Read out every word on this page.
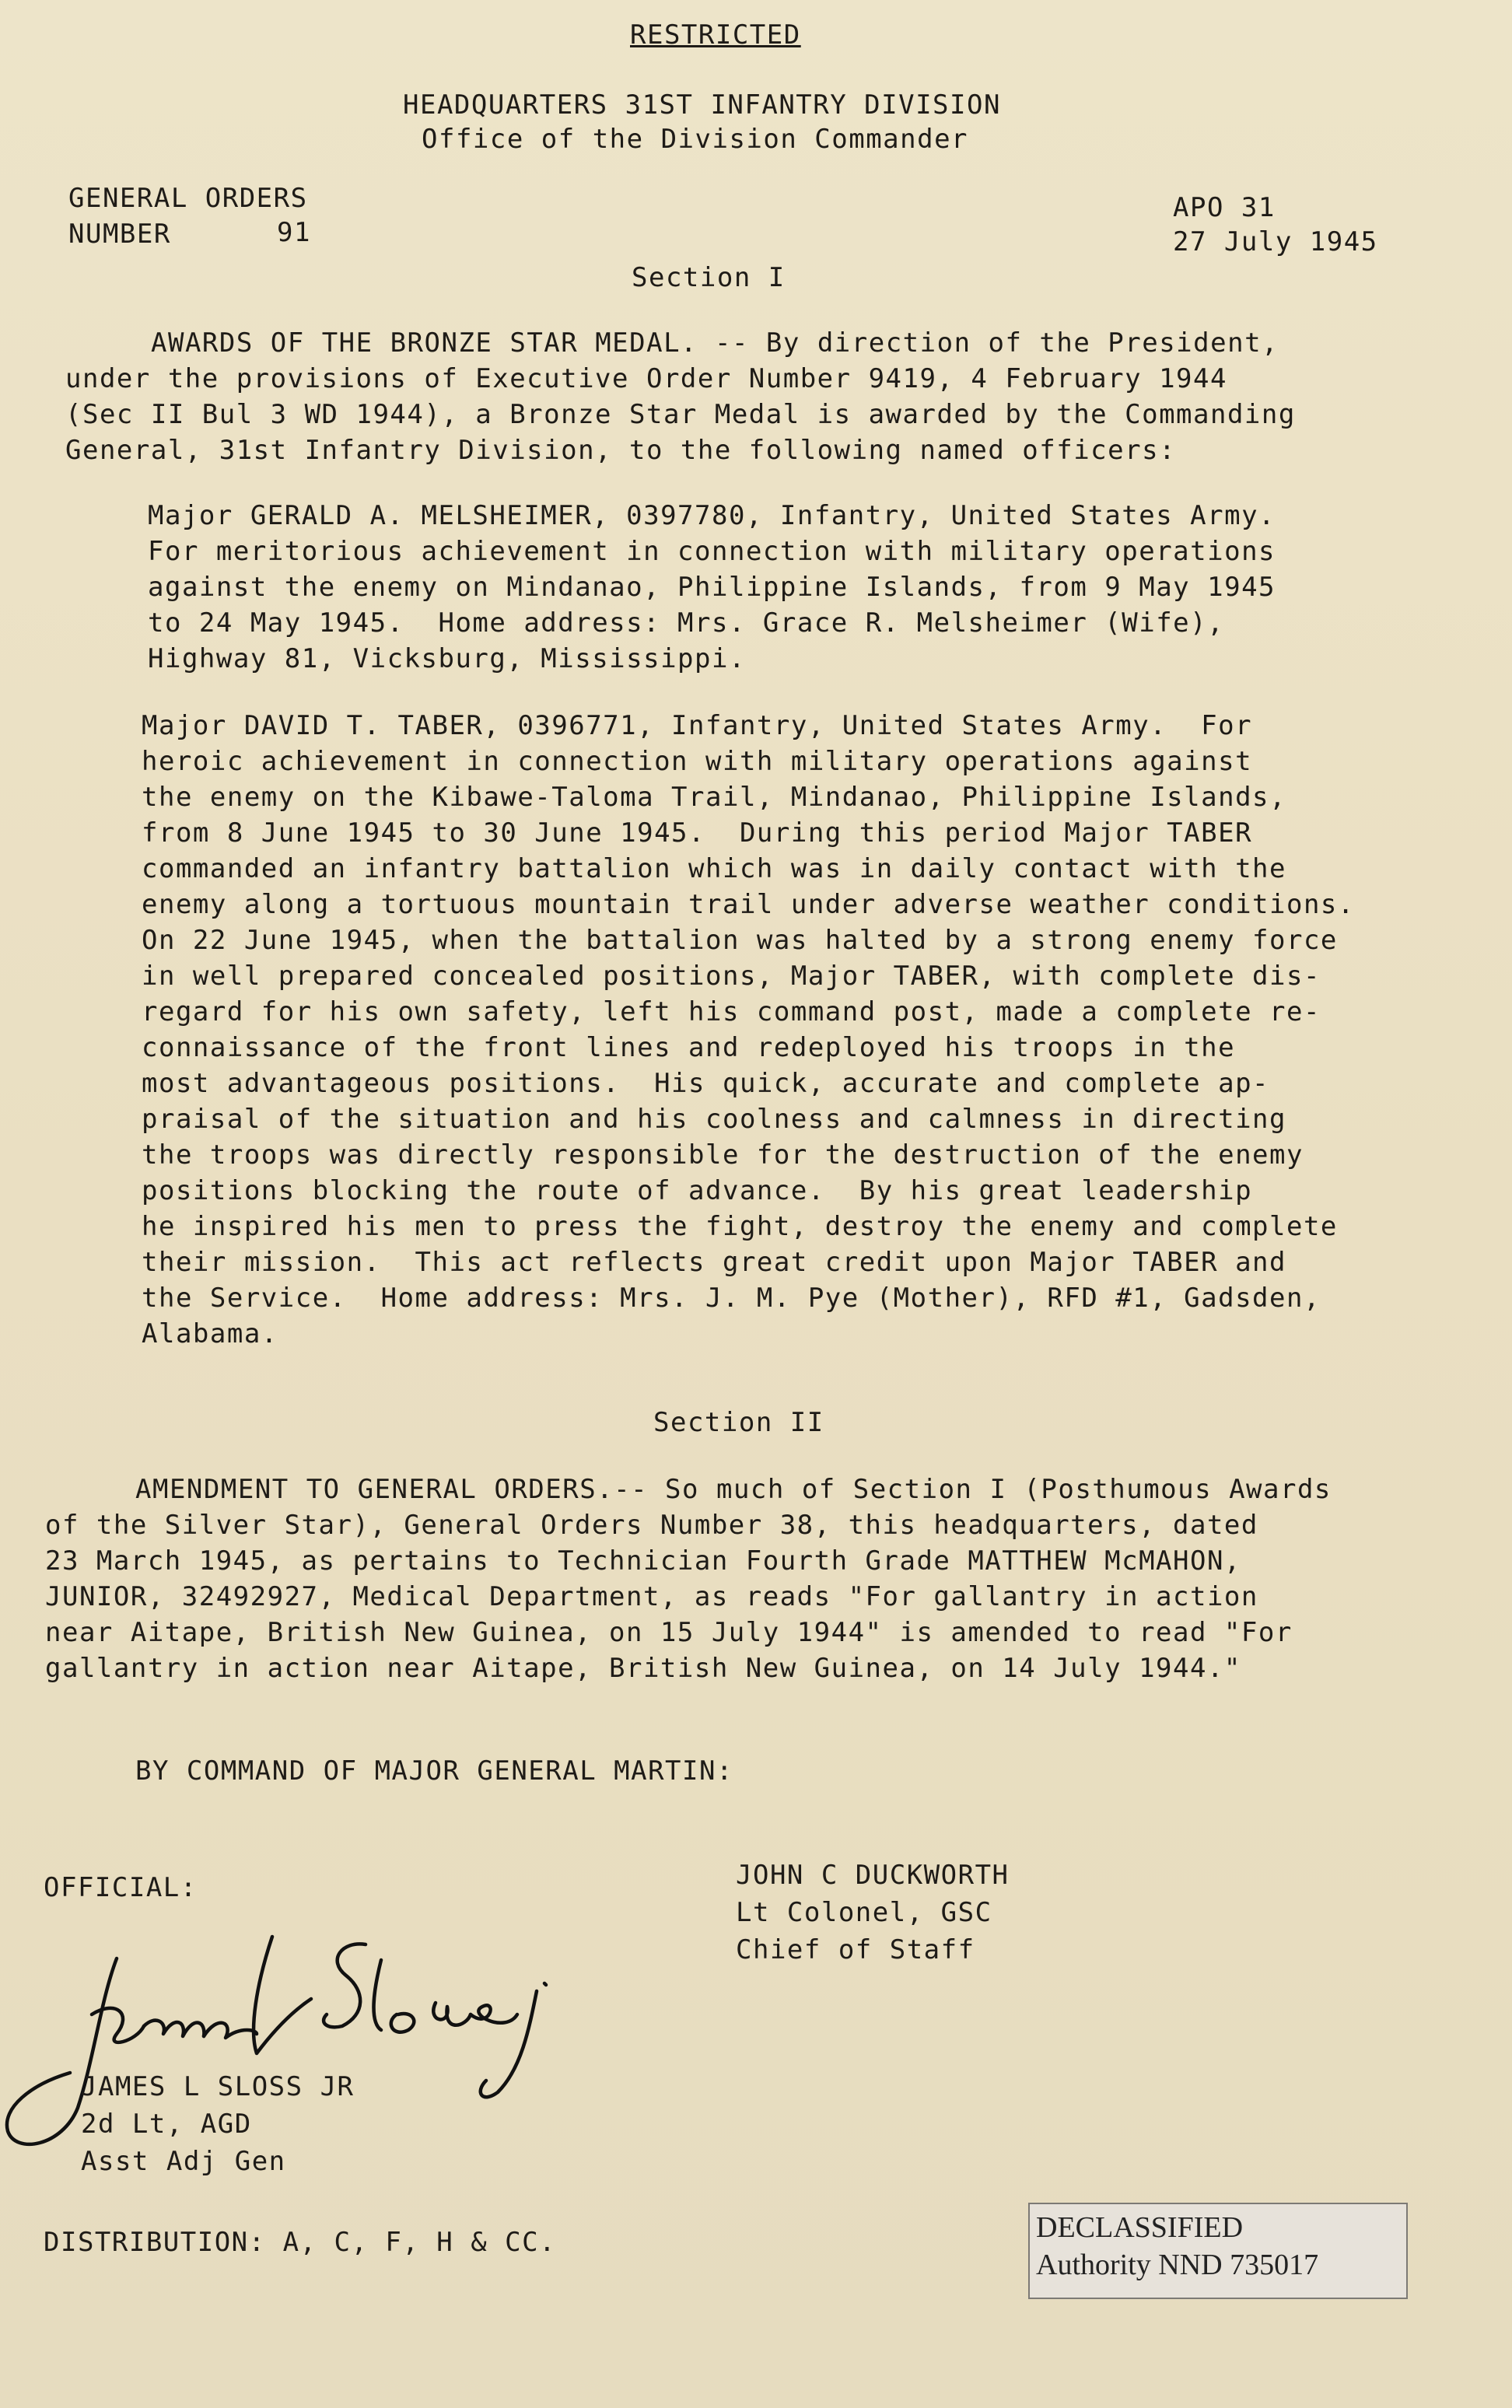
RESTRICTED
HEADQUARTERS 31ST INFANTRY DIVISION
Office of the Division Commander
GENERAL ORDERS
NUMBER	91
APO 31
27 July 1945
Section I
AWARDS OF THE BRONZE STAR MEDAL. -- By direction of the President,
under the provisions of Executive Order Number 9419, 4 February 1944
(Sec II Bul 3 WD 1944), a Bronze Star Medal is awarded by the Commanding
General, 31st Infantry Division, to the following named officers:
Major GERALD A. MELSHEIMER, 0397780, Infantry, United States Army.
For meritorious achievement in connection with military operations
against the enemy on Mindanao, Philippine Islands, from 9 May 1945
to 24 May 1945.  Home address: Mrs. Grace R. Melsheimer (Wife),
Highway 81, Vicksburg, Mississippi.
Major DAVID T. TABER, 0396771, Infantry, United States Army.  For
heroic achievement in connection with military operations against
the enemy on the Kibawe-Taloma Trail, Mindanao, Philippine Islands,
from 8 June 1945 to 30 June 1945.  During this period Major TABER
commanded an infantry battalion which was in daily contact with the
enemy along a tortuous mountain trail under adverse weather conditions.
On 22 June 1945, when the battalion was halted by a strong enemy force
in well prepared concealed positions, Major TABER, with complete dis-
regard for his own safety, left his command post, made a complete re-
connaissance of the front lines and redeployed his troops in the
most advantageous positions.  His quick, accurate and complete ap-
praisal of the situation and his coolness and calmness in directing
the troops was directly responsible for the destruction of the enemy
positions blocking the route of advance.  By his great leadership
he inspired his men to press the fight, destroy the enemy and complete
their mission.  This act reflects great credit upon Major TABER and
the Service.  Home address: Mrs. J. M. Pye (Mother), RFD #1, Gadsden,
Alabama.
Section II
AMENDMENT TO GENERAL ORDERS.-- So much of Section I (Posthumous Awards
of the Silver Star), General Orders Number 38, this headquarters, dated
23 March 1945, as pertains to Technician Fourth Grade MATTHEW McMAHON,
JUNIOR, 32492927, Medical Department, as reads "For gallantry in action
near Aitape, British New Guinea, on 15 July 1944" is amended to read "For
gallantry in action near Aitape, British New Guinea, on 14 July 1944."
BY COMMAND OF MAJOR GENERAL MARTIN:
JOHN C DUCKWORTH
Lt Colonel, GSC
Chief of Staff
OFFICIAL:
JAMES L SLOSS JR
2d Lt, AGD
Asst Adj Gen
DISTRIBUTION: A, C, F, H & CC.	DECLASSIFIED
Authority NND 735017
